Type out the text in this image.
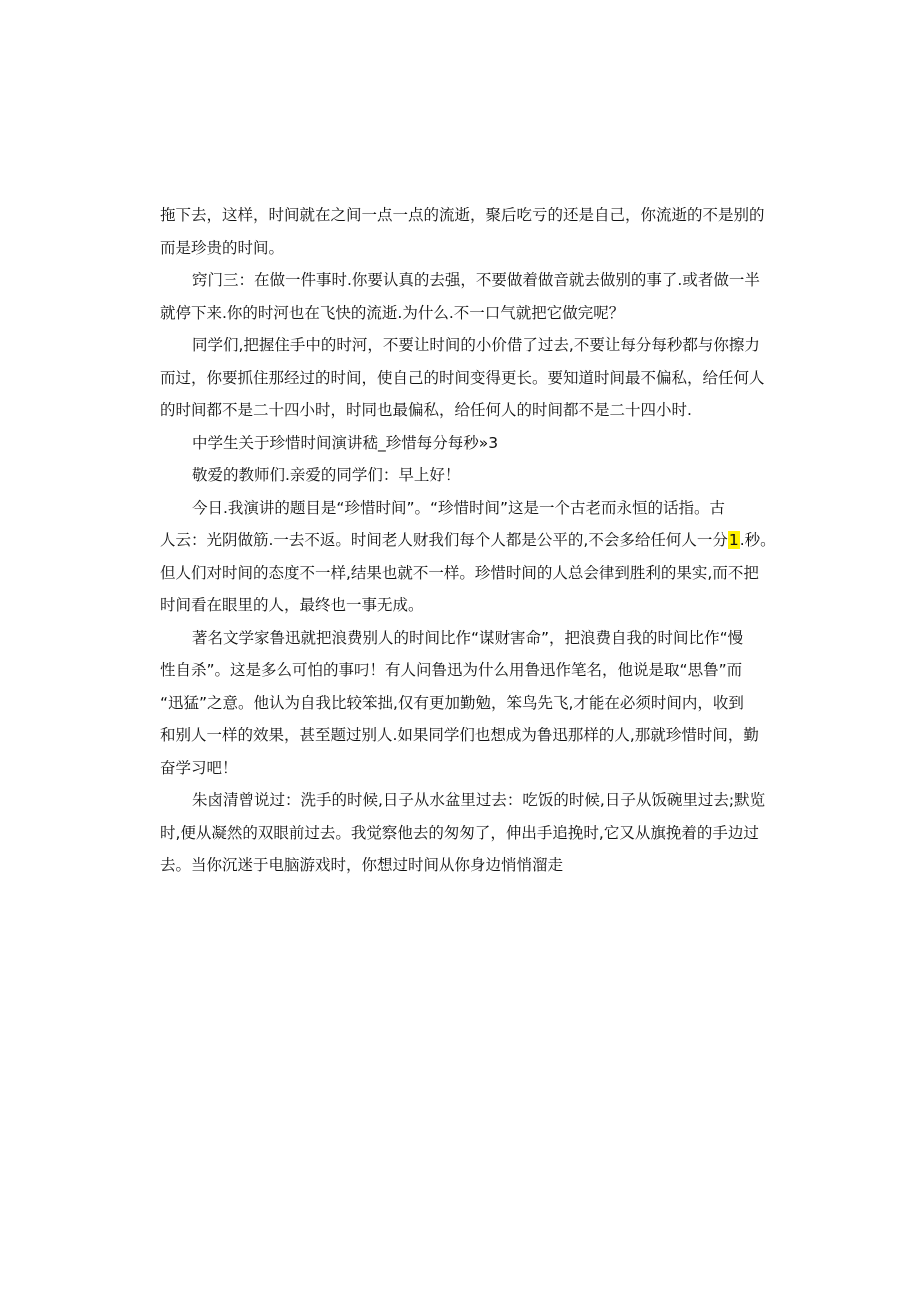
拖下去，这样，时间就在之间一点一点的流逝，聚后吃亏的还是自己，你流逝的不是别的
而是珍贵的时间。
窍门三：在做一件事时.你要认真的去强，不要做着做音就去做别的事了.或者做一半
就停下来.你的时河也在飞快的流逝.为什么.不一口气就把它做完呢？
同学们,把握住手中的时河，不要让时间的小价借了过去,不要让每分每秒都与你擦力
而过，你要抓住那经过的时间，使自己的时间变得更长。要知道时间最不偏私，给任何人
的时间都不是二十四小时，时同也最偏私，给任何人的时间都不是二十四小时.
中学生关于珍惜时间演讲嵇_珍惜每分每秒»3
敬爱的教师们.亲爱的同学们：早上好！
今日.我演讲的题目是“珍惜时间”。“珍惜时间”这是一个古老而永恒的话指。古
人云：光阴做筋.一去不返。时间老人财我们每个人都是公平的,不会多给任何人一分1.秒。
但人们对时间的态度不一样,结果也就不一样。珍惜时间的人总会律到胜利的果实,而不把
时间看在眼里的人，最终也一事无成。
著名文学家鲁迅就把浪费别人的时间比作“谋财害命”，把浪费自我的时间比作“慢
性自杀”。这是多么可怕的事叼！有人问鲁迅为什么用鲁迅作笔名，他说是取“思鲁”而
“迅猛”之意。他认为自我比较笨拙,仅有更加勤勉，笨鸟先飞,才能在必须时间内，收到
和别人一样的效果，甚至题过别人.如果同学们也想成为鲁迅那样的人,那就珍惜时间，勤
奋学习吧！
朱卤清曾说过：洗手的时候,日子从水盆里过去：吃饭的时候,日子从饭碗里过去;默览
时,便从凝然的双眼前过去。我觉察他去的匆匆了，伸出手追挽时,它又从旗挽着的手边过
去。当你沉迷于电脑游戏时，你想过时间从你身边悄悄溜走
